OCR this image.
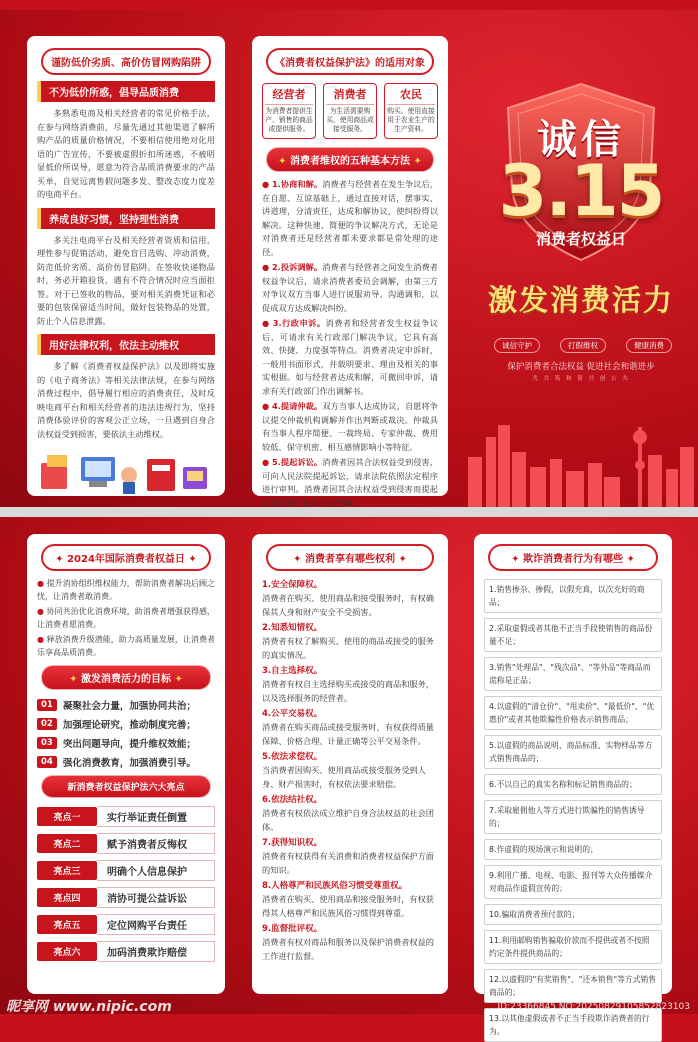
谨防低价劣质、高价仿冒网购陷阱
不为低价所惑，倡导品质消费
多熟悉电商及相关经营者的常见价格手法，在参与网络消费前，尽量先通过其他渠道了解所购产品的质量价格情况，不要相信使用绝对化用语的广告宣传，不要被虚假折扣所迷惑，不被明显低价所误导，愿意为符合品质消费要求的产品买单，自觉远离售假问题多发、整改态度力度差的电商平台。
养成良好习惯，坚持理性消费
多关注电商平台及相关经营者资质和信用，理性参与促销活动，避免盲目选购、冲动消费，防范低价劣质、高价仿冒陷阱。在签收快递物品时，务必开箱验货，遇有不符合情况时应当面拒签。对于已签收的物品，要对相关消费凭证和必要的包装保留适当时间，做好包装物品的处置，防止个人信息泄露。
用好法律权利，依法主动维权
多了解《消费者权益保护法》以及即将实施的《电子商务法》等相关法律法规，在参与网络消费过程中，倡导履行相应的消费责任，及时反映电商平台和相关经营者的违法违规行为，坚持消费体验评价的客观公正立场，一旦遇到自身合法权益受到损害，要依法主动维权。
《消费者权益保护法》的适用对象
经营者
为消费者提供生产、销售的商品或提供服务。
消费者
为生活需要购买、使用商品或接受服务。
农民
购买、使用直接用于农业生产的生产资料。
✦ 消费者维权的五种基本方法 ✦
● 1.协商和解。消费者与经营者在发生争议后，在自愿、互谅基础上，通过直接对话，摆事实、讲道理，分清责任，达成和解协议，使纠纷得以解决。这种快速、简便的争议解决方式，无论是对消费者还是经营者都未要求都是常处理的途径。
● 2.投诉调解。消费者与经营者之间发生消费者权益争议后，请求消费者委员会调解，由第三方对争议双方当事人进行说服劝导、沟通调和，以促成双方达成解决纠纷。
● 3.行政申诉。消费者和经营者发生权益争议后，可请求有关行政部门解决争议，它具有高效、快捷、力度强等特点。消费者决定申诉时，一般用书面形式，并载明要求、理由及相关的事实根据。如与经营者达成和解，可撤回申诉，请求有关行政部门作出调解书。
● 4.提请仲裁。双方当事人达成协议，自愿将争议提交仲裁机构调解并作出判断或裁决。仲裁具有当事人程序简便、一裁终局、专家仲裁、费用较低、保守机密、相互感情影响小等特征。
● 5.提起诉讼。消费者因其合法权益受到侵害，可向人民法院提起诉讼，请求法院依照法定程序进行审判。消费者因其合法权益受到侵害而提起的诉讼属于民事诉讼范畴。
诚信
3.15
消费者权益日
激发消费活力
诚信守护	打假维权	健康消费
保护消费者合法权益 促进社会和谐进步
共 共 筑 和 谐 共 创 公 共
✦ 2024年国际消费者权益日 ✦
● 提升消协组织维权能力，帮助消费者解决后顾之忧，让消费者敢消费。
● 协同共治优化消费环境，助消费者增强获得感，让消费者愿消费。
● 释放消费升级潜能，助力高质量发展，让消费者乐享高品质消费。
✦ 激发消费活力的目标 ✦
01	凝聚社会力量，加强协同共治；
02	加强理论研究，推动制度完善；
03	突出问题导向，提升维权效能；
04	强化消费教育，加强消费引导。
新消费者权益保护法六大亮点
亮点一	实行举证责任倒置
亮点二	赋予消费者反悔权
亮点三	明确个人信息保护
亮点四	消协可提公益诉讼
亮点五	定位网购平台责任
亮点六	加码消费欺诈赔偿
✦ 消费者享有哪些权利 ✦
1.安全保障权。
消费者在购买、使用商品和接受服务时，有权确保其人身和财产安全不受损害。
2.知悉知情权。
消费者有权了解购买、使用的商品或接受的服务的真实情况。
3.自主选择权。
消费者有权自主选择购买或接受的商品和服务，以及选择服务的经营者。
4.公平交易权。
消费者在购买商品或接受服务时，有权获得质量保障、价格合理、计量正确等公平交易条件。
5.依法求偿权。
当消费者因购买、使用商品或接受服务受到人身、财产损害时，有权依法要求赔偿。
6.依法结社权。
消费者有权依法成立维护自身合法权益的社会团体。
7.获得知识权。
消费者有权获得有关消费和消费者权益保护方面的知识。
8.人格尊严和民族风俗习惯受尊重权。
消费者在购买、使用商品和接受服务时，有权获得其人格尊严和民族风俗习惯得到尊重。
9.监督批评权。
消费者有权对商品和服务以及保护消费者权益的工作进行监督。
✦ 欺诈消费者行为有哪些 ✦
1.销售掺杂、掺假，以假充真，以次充好的商品；
2.采取虚假或者其他不正当手段使销售的商品份量不足；
3.销售"处理品"、"残次品"、"等外品"等商品而谎称是正品；
4.以虚假的"清仓价"、"甩卖价"、"最低价"、"优惠价"或者其他欺骗性价格表示销售商品；
5.以虚假的商品说明、商品标准、实物样品等方式销售商品的；
6.不以自己的真实名称和标记销售商品的；
7.采取雇佣他人等方式进行欺骗性的销售诱导的；
8.作虚假的现场演示和说明的；
9.利用广播、电视、电影、报刊等大众传播媒介对商品作虚假宣传的；
10.骗取消费者预付款的；
11.利用邮购销售骗取价款而不提供或者不按照约定条件提供商品的；
12.以虚假的"有奖销售"、"还本销售"等方式销售商品的；
13.以其他虚假或者不正当手段欺诈消费者的行为。
昵享网 www.nipic.com	ID:23366845 NO:20250829105852823103
